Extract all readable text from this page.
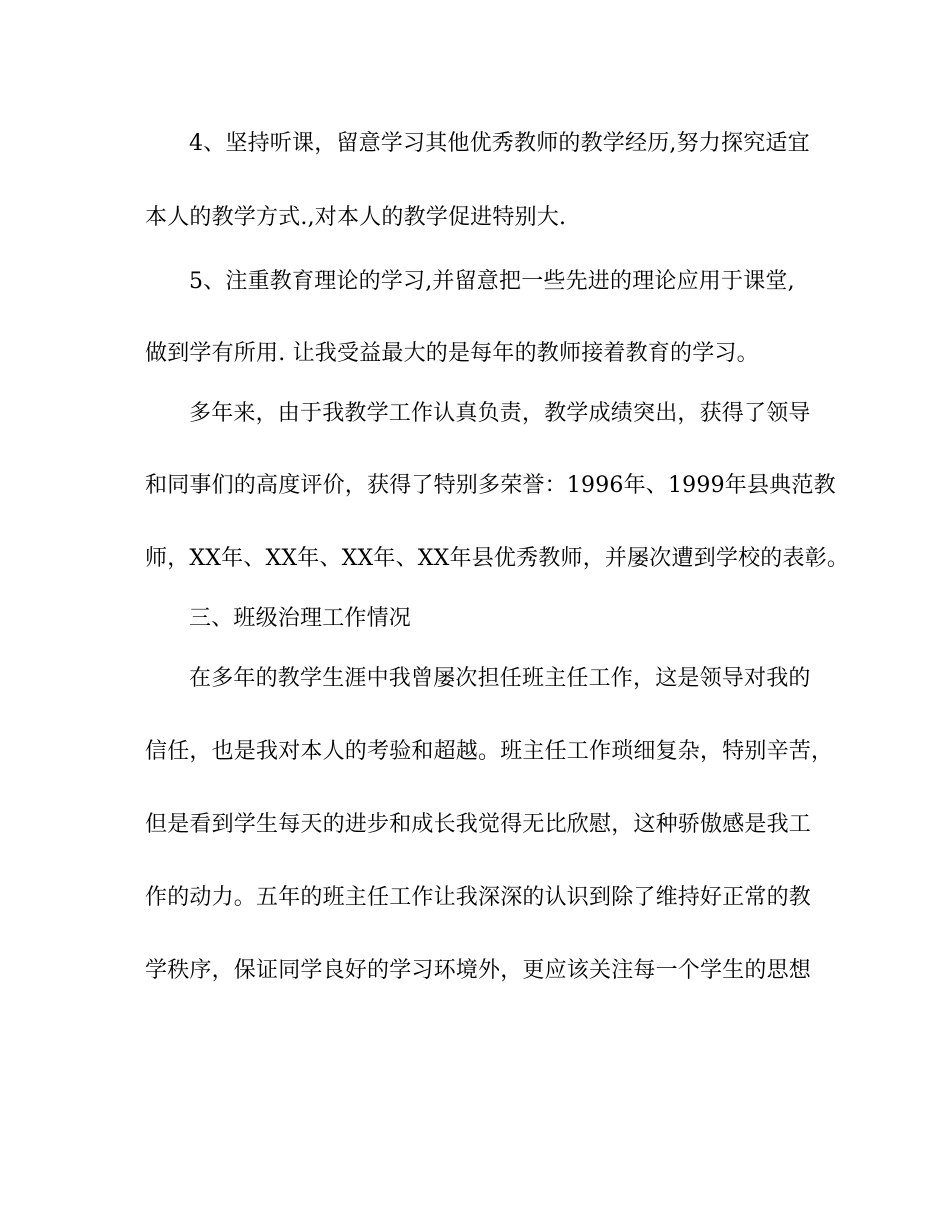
4、坚持听课，留意学习其他优秀教师的教学经历,努力探究适宜
本人的教学方式.,对本人的教学促进特别大.
5、注重教育理论的学习,并留意把一些先进的理论应用于课堂,
做到学有所用. 让我受益最大的是每年的教师接着教育的学习。
多年来，由于我教学工作认真负责，教学成绩突出，获得了领导
和同事们的高度评价，获得了特别多荣誉：1996年、1999年县典范教
师，XX年、XX年、XX年、XX年县优秀教师，并屡次遭到学校的表彰。
三、班级治理工作情况
在多年的教学生涯中我曾屡次担任班主任工作，这是领导对我的
信任，也是我对本人的考验和超越。班主任工作琐细复杂，特别辛苦，
但是看到学生每天的进步和成长我觉得无比欣慰，这种骄傲感是我工
作的动力。五年的班主任工作让我深深的认识到除了维持好正常的教
学秩序，保证同学良好的学习环境外，更应该关注每一个学生的思想
